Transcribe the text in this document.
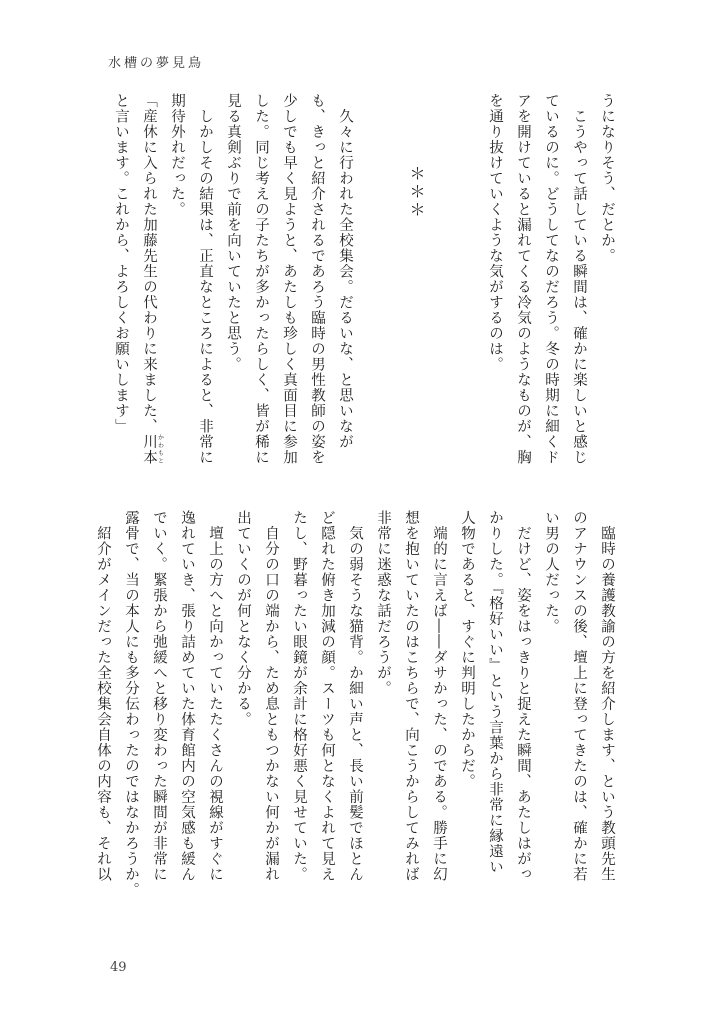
水槽の夢見鳥
うになりそう、だとか。
　こうやって話している瞬間は、確かに楽しいと感じ
ているのに。どうしてなのだろう。冬の時期に細くド
アを開けていると漏れてくる冷気のようなものが、胸
を通り抜けていくような気がするのは。
＊＊＊
　久々に行われた全校集会。だるいな、と思いなが
も、きっと紹介されるであろう臨時の男性教師の姿を
少しでも早く見ようと、あたしも珍しく真面目に参加
した。同じ考えの子たちが多かったらしく、皆が稀に
見る真剣ぶりで前を向いていたと思う。
　しかしその結果は、正直なところによると、非常に
期待外れだった。
「産休に入られた加藤先生の代わりに来ました、川本 かわもと
と言います。これから、よろしくお願いします」
　臨時の養護教諭の方を紹介します、という教頭先生
のアナウンスの後、壇上に登ってきたのは、確かに若
い男の人だった。
　だけど、姿をはっきりと捉えた瞬間、あたしはがっ
かりした。『格好いい』という言葉から非常に縁遠い
人物であると、すぐに判明したからだ。
　端的に言えば――ダサかった、のである。勝手に幻
想を抱いていたのはこちらで、向こうからしてみれば
非常に迷惑な話だろうが。
　気の弱そうな猫背。か細い声と、長い前髪でほとん
ど隠れた俯き加減の顔。スーツも何となくよれて見え
たし、野暮ったい眼鏡が余計に格好悪く見せていた。
　自分の口の端から、ため息ともつかない何かが漏れ
出ていくのが何となく分かる。
　壇上の方へと向かっていたたくさんの視線がすぐに
逸れていき、張り詰めていた体育館内の空気感も緩ん
でいく。緊張から弛緩へと移り変わった瞬間が非常に
露骨で、当の本人にも多分伝わったのではなかろうか。
　紹介がメインだった全校集会自体の内容も、それ以
49
